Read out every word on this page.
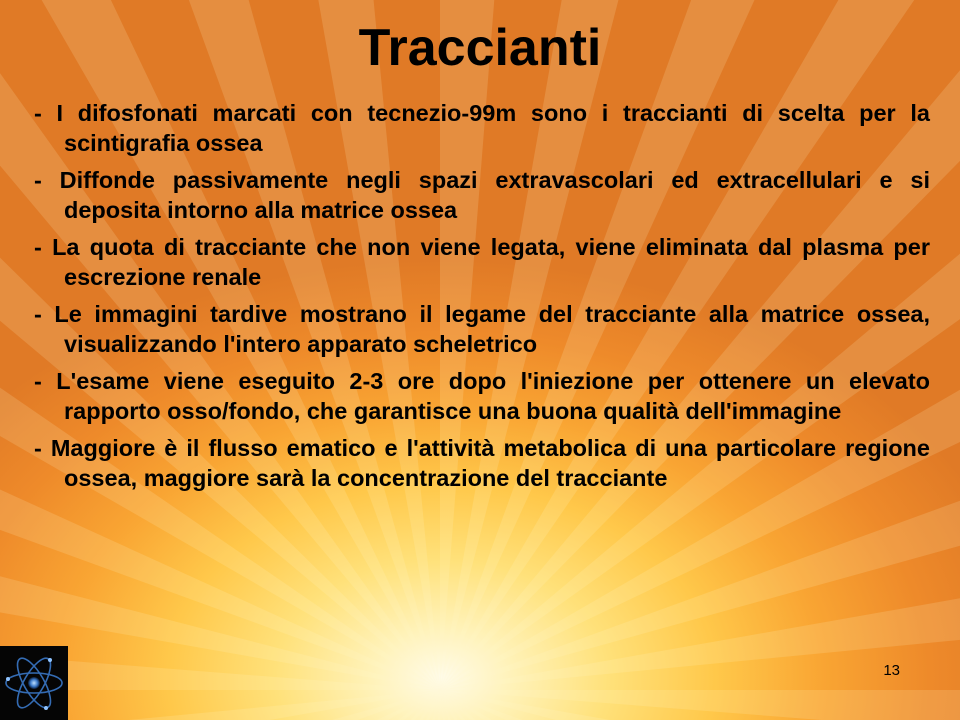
Traccianti
- I difosfonati marcati con tecnezio-99m sono i traccianti di scelta per la scintigrafia ossea
- Diffonde passivamente negli spazi extravascolari ed extracellulari e si deposita intorno alla matrice ossea
- La quota di tracciante che non viene legata, viene eliminata dal plasma per escrezione renale
- Le immagini tardive mostrano il legame del tracciante alla matrice ossea, visualizzando l'intero apparato scheletrico
- L'esame viene eseguito 2-3 ore dopo l'iniezione per ottenere un elevato rapporto osso/fondo, che garantisce una buona qualità dell'immagine
- Maggiore è il flusso ematico e l'attività metabolica di una particolare regione ossea, maggiore sarà la concentrazione del tracciante
13
